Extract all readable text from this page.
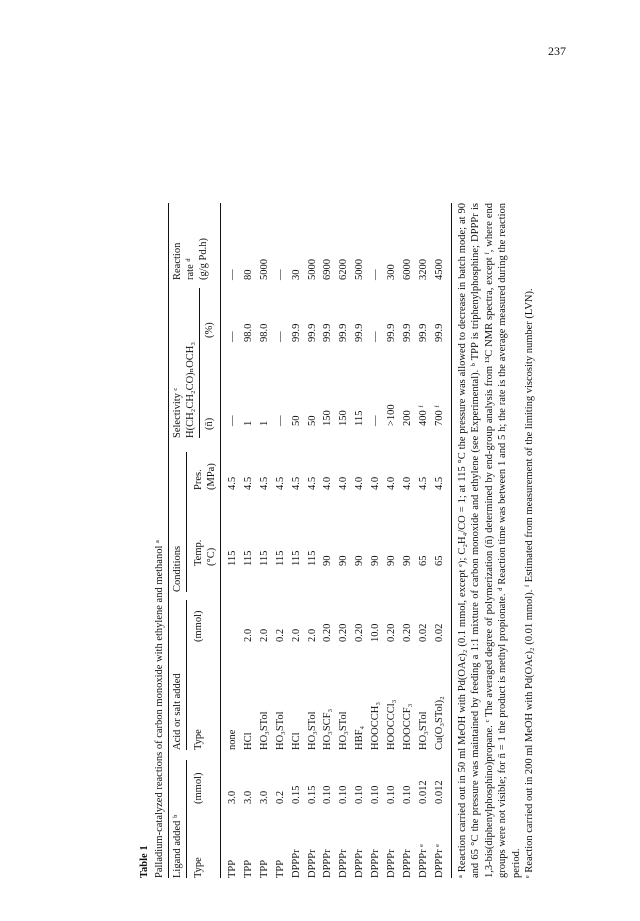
237
Table 1 Palladium-catalyzed reactions of carbon monoxide with ethylene and methanol ᵃ Ligand added ᵇ
Acid or salt added
Conditions
Selectivity ᶜ
Reaction rate ᵈ
H(CH₂CH₂CO)ₙOCH₃
Type
(mmol)
Type
(mmol)
Temp. (°C)
Pres. (MPa)
(n̄)
(%)
(g/g Pd.h)
TPP
3.0
none
115
4.5
—
—
—
TPP
3.0
HCl
2.0
115
4.5
1
98.0
80
TPP
3.0
HO₃STol
2.0
115
4.5
1
98.0
5000
TPP
0.2
HO₃STol
0.2
115
4.5
—
—
—
DPPPr
0.15
HCl
2.0
115
4.5
50
99.9
30
DPPPr
0.15
HO₃STol
2.0
115
4.5
50
99.9
5000
DPPPr
0.10
HO₃SCF₃
0.20
90
4.0
150
99.9
6900
DPPPr
0.10
HO₃STol
0.20
90
4.0
150
99.9
6200
DPPPr
0.10
HBF₄
0.20
90
4.0
115
99.9
5000
DPPPr
0.10
HOOCCH₃
10.0
90
4.0
—
—
—
DPPPr
0.10
HOOCCCl₃
0.20
90
4.0
>100
99.9
300
DPPPr
0.10
HOOCCF₃
0.20
90
4.0
200
99.9
6000
DPPPr ᵉ
0.012
HO₃STol
0.02
65
4.5
400 ᶠ
99.9
3200
DPPPr ᵉ
0.012
Cu(O₃STol)₂
0.02
65
4.5
700 ᶠ
99.9
4500 ᵃ Reaction carried out in 50 ml MeOH with Pd(OAc)₂ (0.1 mmol, except ᵉ); C₂H₄/CO = 1; at 115 °C the pressure was allowed to decrease in batch mode; at 90 and 65 °C the pressure was maintained by feeding a 1:1 mixture of carbon monoxide and ethylene (see Experimental). ᵇ TPP is triphenylphosphine; DPPPr is 1,3-bis(diphenylphosphino)propane. ᶜ The averaged degree of polymerization (n̄) determined by end-group analysis from ¹³C NMR spectra, except ᶠ, where end groups were not visible; for n̄ = 1 the product is methyl propionate. ᵈ Reaction time was between 1 and 5 h; the rate is the average measured during the reaction period. ᵉ Reaction carried out in 200 ml MeOH with Pd(OAc)₂ (0.01 mmol). ᶠ Estimated from measurement of the limiting viscosity number (LVN).
